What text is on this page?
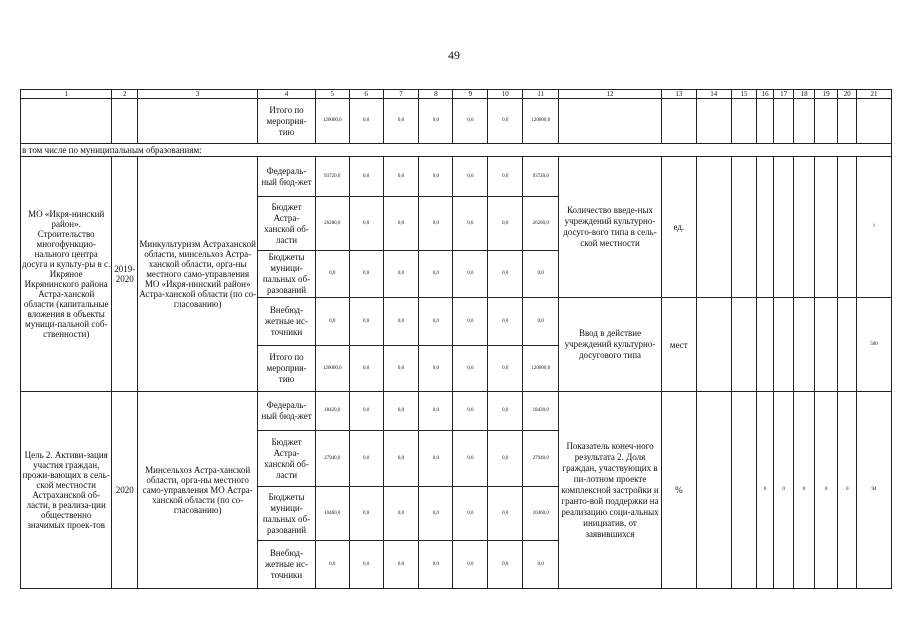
49
1	2	3	4	5	6	7	8	9	10	11	12	13	14	15	16	17	18	19	20	21
			Итого по мероприя-тию	120000,0	0,0	0,0	0,0	0,0	0,0	120000,0										
в том числе по муниципальным образованиям:																				
МО «Икря-нинский район». Строительство многофункцио-нального центра досуга и культу-ры в с. Икряное Икрянинского района Астра-ханской области (капитальные вложения в объекты муници-пальной соб-ственности)	2019-2020	Минкультуризм Астраханской области, минсельхоз Астра-ханской области, орга-ны местного само-управления МО «Икря-нинский район» Астра-ханской области (по со-гласованию)	Федераль-ный бюд-жет	93720,0	0,0	0,0	0,0	0,0	0,0	93720,0	Количество введе-ных учреждений культурно-досуго-вого типа в сель-ской местности	ед.								1
			Бюджет Астра-ханской об-ласти	26280,0	0,0	0,0	0,0	0,0	0,0	26280,0										
			Бюджеты муници-пальных об-разований	0,0	0,0	0,0	0,0	0,0	0,0	0,0										
			Внебюд-жетные ис-точники	0,0	0,0	0,0	0,0	0,0	0,0	0,0	Ввод в действие учреждений культурно-досугового типа	мест								500
			Итого по мероприя-тию	120000,0	0,0	0,0	0,0	0,0	0,0	120000,0										
Цель 2. Активи-зация участия граждан, прожи-вающих в сель-ской местности Астраханской об-ласти, в реализа-ции общественно значимых проек-тов	2020	Минсельхоз Астра-ханской области, орга-ны местного само-управления МО Астра-ханской области (по со-гласованию)	Федераль-ный бюд-жет	18420,0	0,0	0,0	0,0	0,0	0,0	18420,0	Показатель конеч-ного результата 2. Доля граждан, участвующих в пи-лотном проекте комплексной застройки и гранто-вой поддержки на реализацию соци-альных инициатив, от заявившихся	%			0	0	0	0	0	94
			Бюджет Астра-ханской об-ласти	27940,0	0,0	0,0	0,0	0,0	0,0	27940,0										
			Бюджеты муници-пальных об-разований	10460,0	0,0	0,0	0,0	0,0	0,0	10460,0										
			Внебюд-жетные ис-точники	0,0	0,0	0,0	0,0	0,0	0,0	0,0										
